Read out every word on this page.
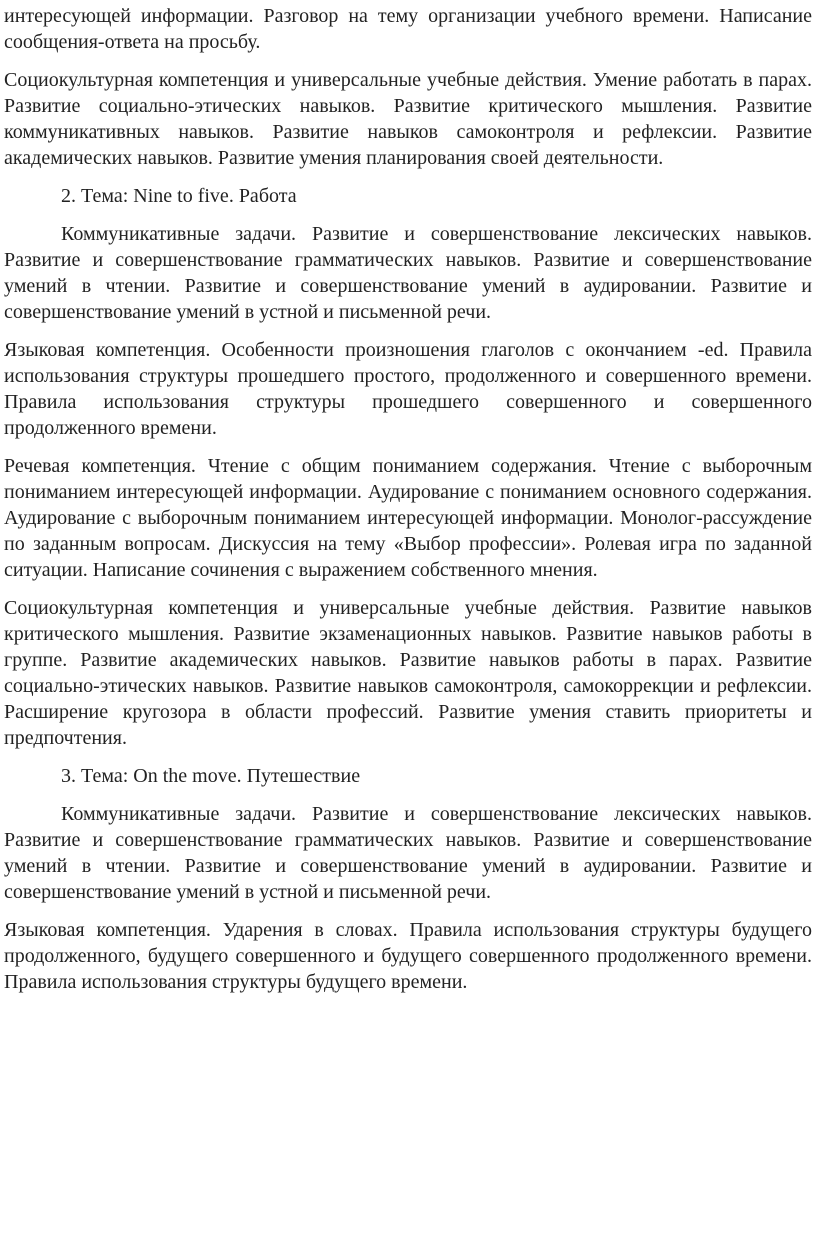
интересующей информации. Разговор на тему организации учебного времени. Написание сообщения-ответа на просьбу.

Социокультурная компетенция и универсальные учебные действия. Умение работать в парах. Развитие социально-этических навыков. Развитие критического мышления. Развитие коммуникативных навыков. Развитие навыков самоконтроля и рефлексии. Развитие академических навыков. Развитие умения планирования своей деятельности.

2. Тема: Nine to five. Работа

Коммуникативные задачи. Развитие и совершенствование лексических навыков. Развитие и совершенствование грамматических навыков. Развитие и совершенствование умений в чтении. Развитие и совершенствование умений в аудировании. Развитие и совершенствование умений в устной и письменной речи.

Языковая компетенция. Особенности произношения глаголов с окончанием -ed. Правила использования структуры прошедшего простого, продолженного и совершенного времени. Правила использования структуры прошедшего совершенного и совершенного продолженного времени.

Речевая компетенция. Чтение с общим пониманием содержания. Чтение с выборочным пониманием интересующей информации. Аудирование с пониманием основного содержания. Аудирование с выборочным пониманием интересующей информации. Монолог-рассуждение по заданным вопросам. Дискуссия на тему «Выбор профессии». Ролевая игра по заданной ситуации. Написание сочинения с выражением собственного мнения.

Социокультурная компетенция и универсальные учебные действия. Развитие навыков критического мышления. Развитие экзаменационных навыков. Развитие навыков работы в группе. Развитие академических навыков. Развитие навыков работы в парах. Развитие социально-этических навыков. Развитие навыков самоконтроля, самокоррекции и рефлексии. Расширение кругозора в области профессий. Развитие умения ставить приоритеты и предпочтения.

3. Тема: On the move. Путешествие

Коммуникативные задачи. Развитие и совершенствование лексических навыков. Развитие и совершенствование грамматических навыков. Развитие и совершенствование умений в чтении. Развитие и совершенствование умений в аудировании. Развитие и совершенствование умений в устной и письменной речи.

Языковая компетенция. Ударения в словах. Правила использования структуры будущего продолженного, будущего совершенного и будущего совершенного продолженного времени. Правила использования структуры будущего времени.
